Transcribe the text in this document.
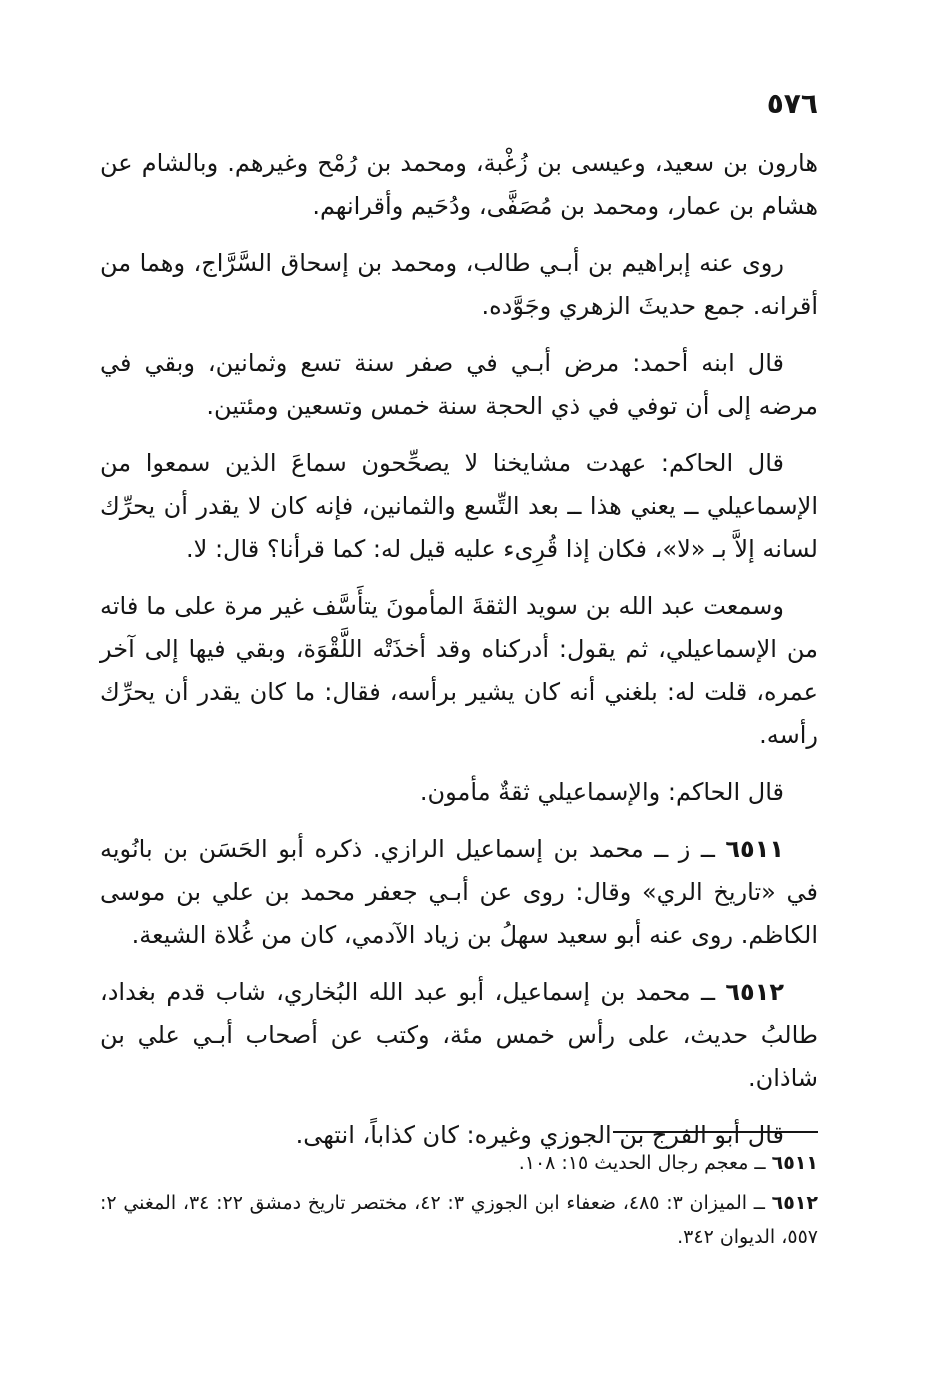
٥٧٦

هارون بن سعيد، وعيسى بن زُغْبة، ومحمد بن رُمْح وغيرهم. وبالشام عن هشام بن عمار، ومحمد بن مُصَفَّى، ودُحَيم وأقرانهم.

روى عنه إبراهيم بن أبـي طالب، ومحمد بن إسحاق السَّرَّاج، وهما من أقرانه. جمع حديثَ الزهري وجَوَّده.

قال ابنه أحمد: مرض أبـي في صفر سنة تسع وثمانين، وبقي في مرضه إلى أن توفي في ذي الحجة سنة خمس وتسعين ومئتين.

قال الحاكم: عهدت مشايخنا لا يصحِّحون سماعَ الذين سمعوا من الإسماعيلي ــ يعني هذا ــ بعد التِّسع والثمانين، فإنه كان لا يقدر أن يحرِّك لسانه إلاَّ بـ «لا»، فكان إذا قُرِىء عليه قيل له: كما قرأنا؟ قال: لا.

وسمعت عبد الله بن سويد الثقةَ المأمونَ يتأَسَّف غير مرة على ما فاته من الإسماعيلي، ثم يقول: أدركناه وقد أخذَتْه اللَّقْوَة، وبقي فيها إلى آخر عمره، قلت له: بلغني أنه كان يشير برأسه، فقال: ما كان يقدر أن يحرِّك رأسه.

قال الحاكم: والإسماعيلي ثقةٌ مأمون.

٦٥١١ ــ ز ــ محمد بن إسماعيل الرازي. ذكره أبو الحَسَن بن بانُويه في «تاريخ الري» وقال: روى عن أبـي جعفر محمد بن علي بن موسى الكاظم. روى عنه أبو سعيد سهلُ بن زياد الآدمي، كان من غُلاة الشيعة.

٦٥١٢ ــ محمد بن إسماعيل، أبو عبد الله البُخاري، شاب قدم بغداد، طالبُ حديث، على رأس خمس مئة، وكتب عن أصحاب أبـي علي بن شاذان.

قال أبو الفرج بن الجوزي وغيره: كان كذاباً، انتهى.

٦٥١١ ــ معجم رجال الحديث ١٥: ١٠٨.

٦٥١٢ ــ الميزان ٣: ٤٨٥، ضعفاء ابن الجوزي ٣: ٤٢، مختصر تاريخ دمشق ٢٢: ٣٤، المغني ٢: ٥٥٧، الديوان ٣٤٢.
